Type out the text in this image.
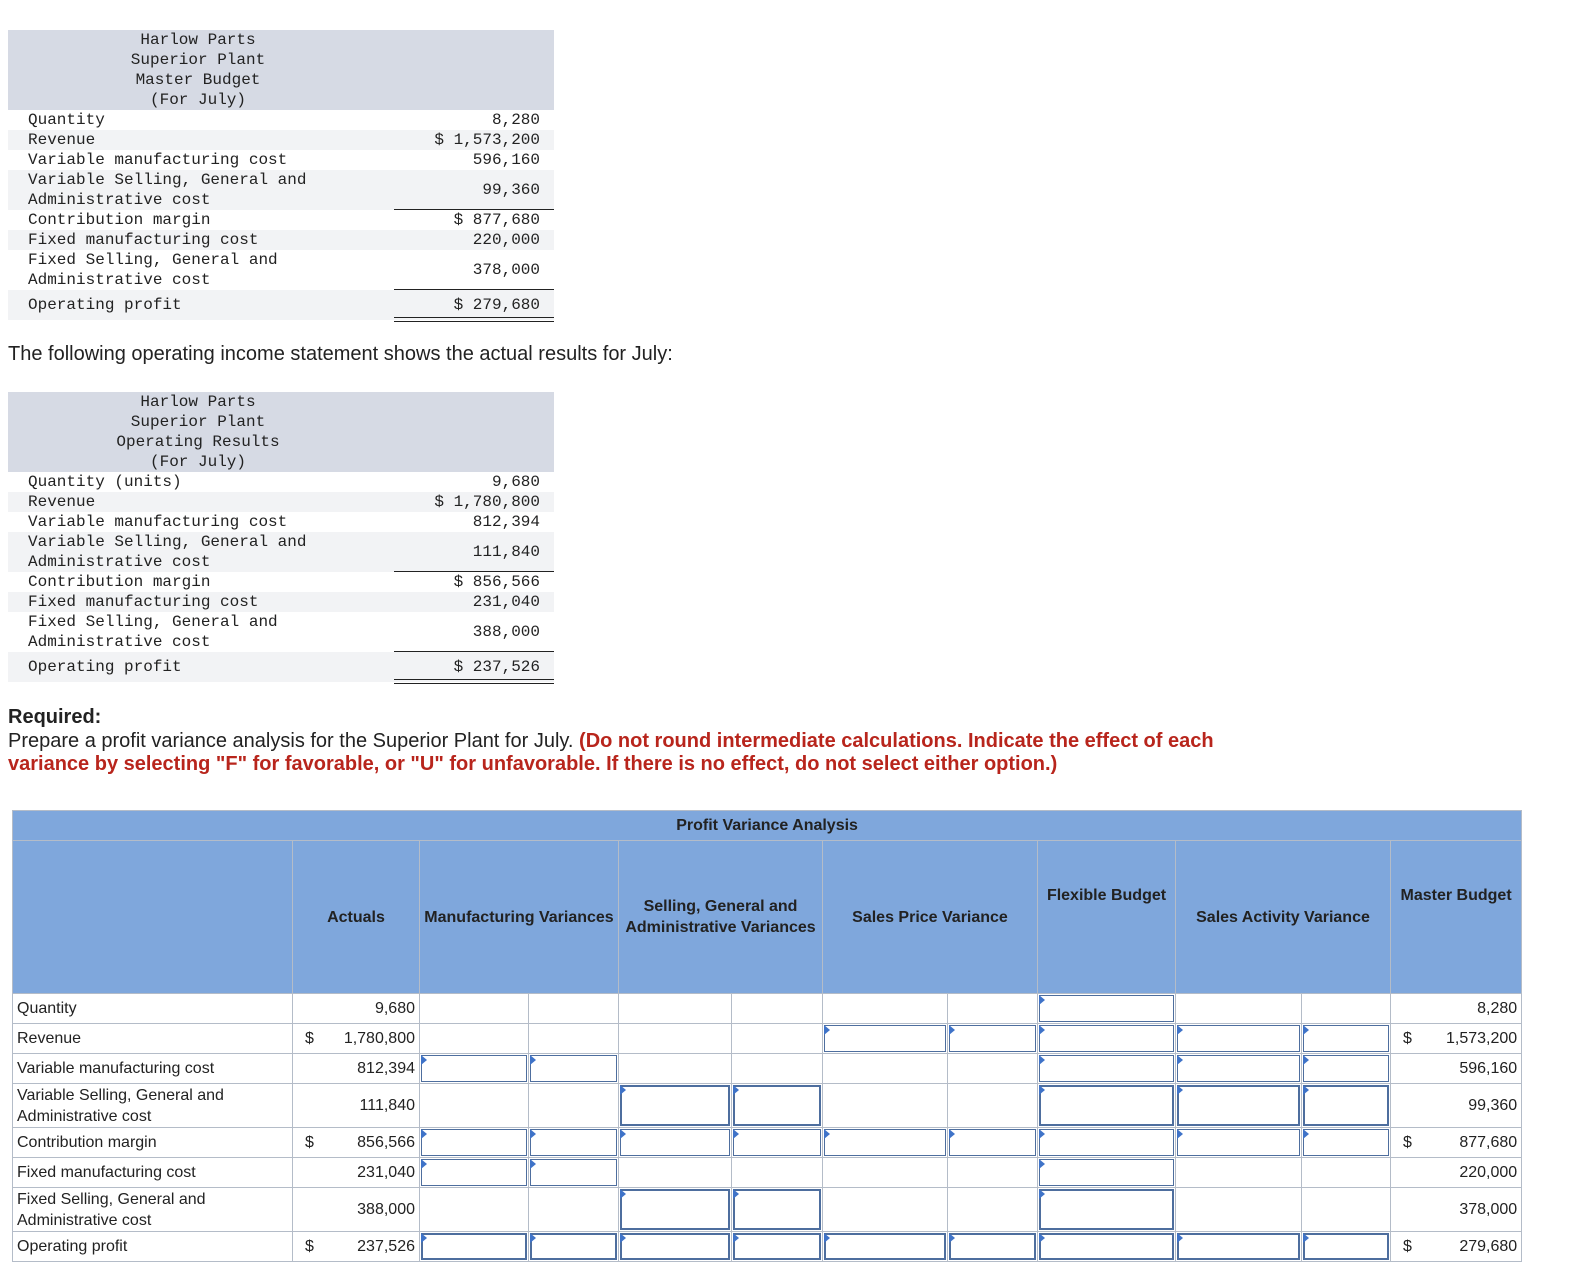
Harlow Parts
Superior Plant
Master Budget
(For July)
Quantity	8,280
Revenue	$ 1,573,200
Variable manufacturing cost	596,160
Variable Selling, General and Administrative cost
99,360
Contribution margin	$ 877,680
Fixed manufacturing cost	220,000
Fixed Selling, General and Administrative cost
378,000
Operating profit	$ 279,680
The following operating income statement shows the actual results for July:
Harlow Parts
Superior Plant
Operating Results
(For July)
Quantity (units)	9,680
Revenue	$ 1,780,800
Variable manufacturing cost	812,394
Variable Selling, General and Administrative cost
111,840
Contribution margin	$ 856,566
Fixed manufacturing cost	231,040
Fixed Selling, General and Administrative cost
388,000
Operating profit	$ 237,526
Required:
Prepare a profit variance analysis for the Superior Plant for July. (Do not round intermediate calculations. Indicate the effect of each variance by selecting "F" for favorable, or "U" for unfavorable. If there is no effect, do not select either option.)
Profit Variance Analysis													
	Actuals		Manufacturing Variances		Selling, General and Administrative Variances		Sales Price Variance		Flexible Budget	Sales Activity Variance		Master Budget	
Quantity		9,680											8,280
Revenue	$	1,780,800										$	1,573,200
Variable manufacturing cost		812,394											596,160
Variable Selling, General and Administrative cost		111,840											99,360
Contribution margin	$	856,566										$	877,680
Fixed manufacturing cost		231,040											220,000
Fixed Selling, General and Administrative cost		388,000											378,000
Operating profit	$	237,526										$	279,680
